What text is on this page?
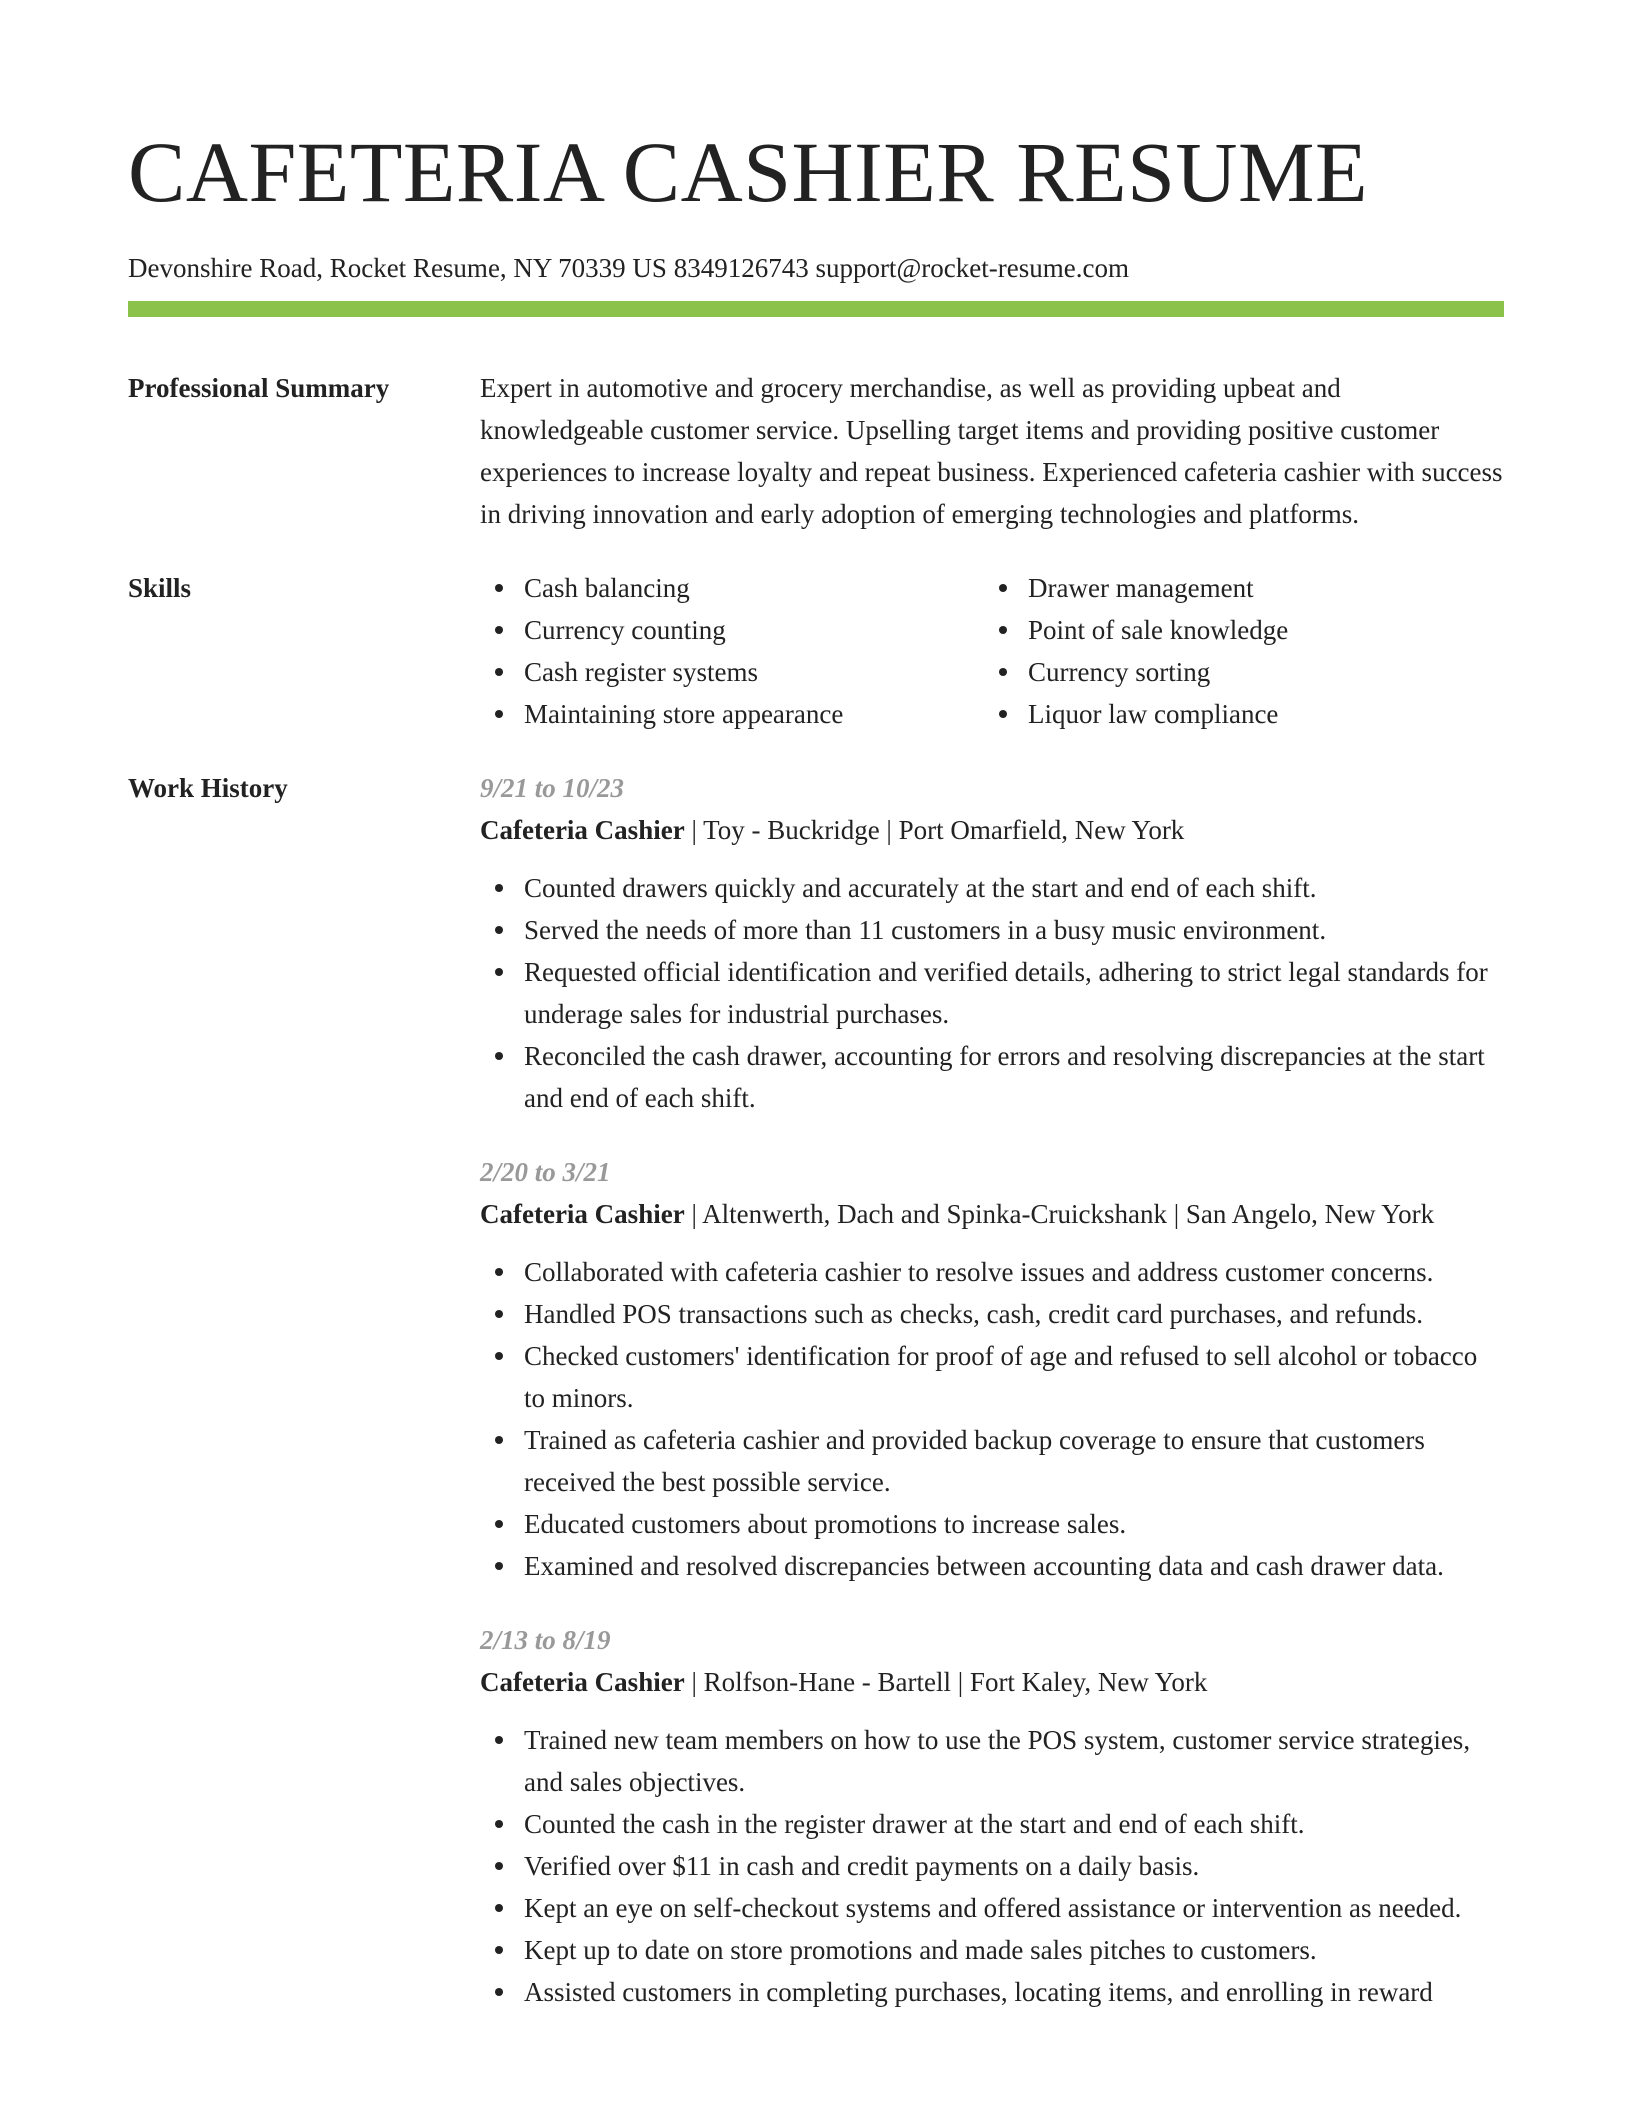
CAFETERIA CASHIER RESUME
Devonshire Road, Rocket Resume, NY 70339 US 8349126743 support@rocket-resume.com
Professional Summary	Expert in automotive and grocery merchandise, as well as providing upbeat and knowledgeable customer service. Upselling target items and providing positive customer experiences to increase loyalty and repeat business. Experienced cafeteria cashier with success in driving innovation and early adoption of emerging technologies and platforms.

Skills	Cash balancing
Currency counting
Cash register systems
Maintaining store appearance
Drawer management
Point of sale knowledge
Currency sorting
Liquor law compliance
Work History	9/21 to 10/23
Cafeteria Cashier | Toy - Buckridge | Port Omarfield, New York
Counted drawers quickly and accurately at the start and end of each shift.
Served the needs of more than 11 customers in a busy music environment.
Requested official identification and verified details, adhering to strict legal standards for underage sales for industrial purchases.
Reconciled the cash drawer, accounting for errors and resolving discrepancies at the start and end of each shift.
2/20 to 3/21
Cafeteria Cashier | Altenwerth, Dach and Spinka-Cruickshank | San Angelo, New York
Collaborated with cafeteria cashier to resolve issues and address customer concerns.
Handled POS transactions such as checks, cash, credit card purchases, and refunds.
Checked customers' identification for proof of age and refused to sell alcohol or tobacco to minors.
Trained as cafeteria cashier and provided backup coverage to ensure that customers received the best possible service.
Educated customers about promotions to increase sales.
Examined and resolved discrepancies between accounting data and cash drawer data.
2/13 to 8/19
Cafeteria Cashier | Rolfson-Hane - Bartell | Fort Kaley, New York
Trained new team members on how to use the POS system, customer service strategies, and sales objectives.
Counted the cash in the register drawer at the start and end of each shift.
Verified over $11 in cash and credit payments on a daily basis.
Kept an eye on self-checkout systems and offered assistance or intervention as needed.
Kept up to date on store promotions and made sales pitches to customers.
Assisted customers in completing purchases, locating items, and enrolling in reward
